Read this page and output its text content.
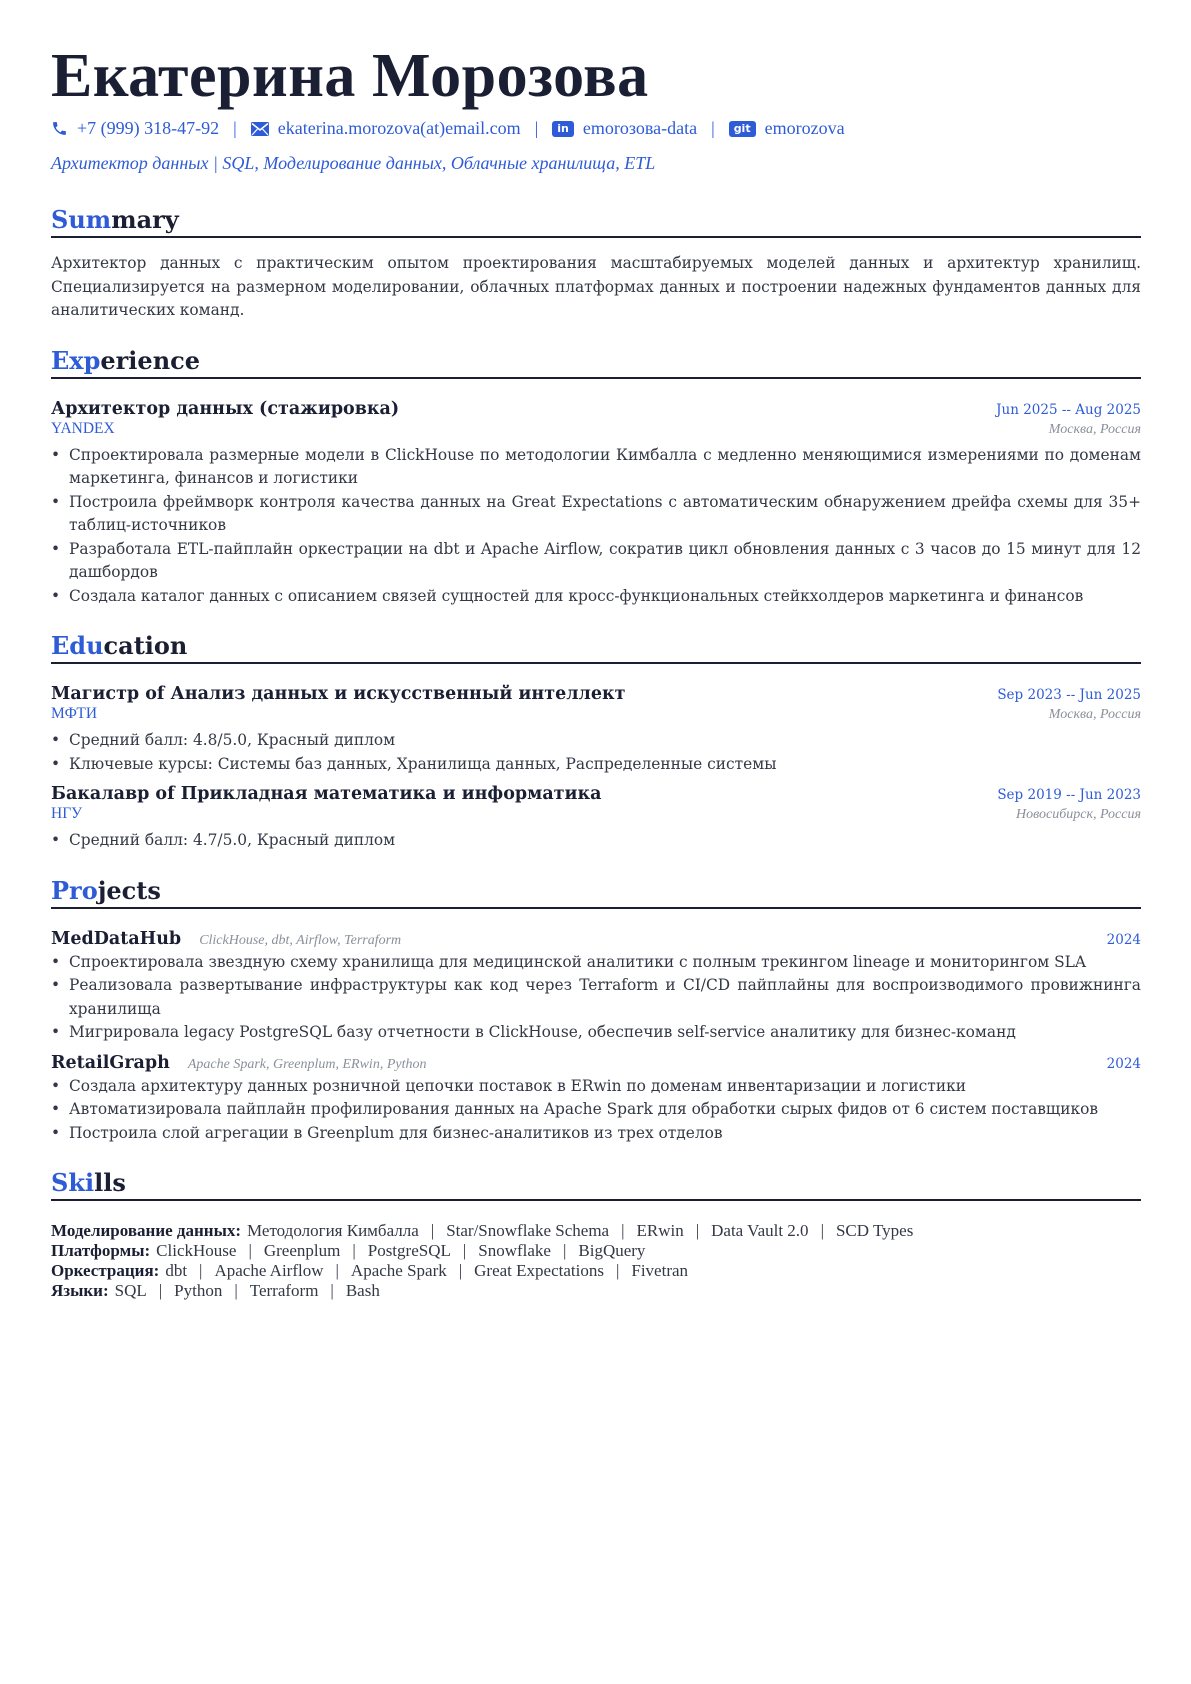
Екатерина Морозова
+7 (999) 318-47-92 | ekaterina.morozova(at)email.com |	in emorозова-data |	git emorozova
Архитектор данных | SQL, Моделирование данных, Облачные хранилища, ETL
Summary

Архитектор данных с практическим опытом проектирования масштабируемых моделей данных и архитектур хранилищ. Специализируется на размерном моделировании, облачных платформах данных и построении надежных фундаментов данных для аналитических команд.

Experience
Архитектор данных (стажировка)	Jun 2025 -- Aug 2025
YANDEX	Москва, Россия
• Спроектировала размерные модели в ClickHouse по методологии Кимбалла с медленно меняющимися измерениями по доменам маркетинга, финансов и логистики
• Построила фреймворк контроля качества данных на Great Expectations с автоматическим обнаружением дрейфа схемы для 35+ таблиц-источников
• Разработала ETL-пайплайн оркестрации на dbt и Apache Airflow, сократив цикл обновления данных с 3 часов до 15 минут для 12 дашбордов
• Создала каталог данных с описанием связей сущностей для кросс-функциональных стейкхолдеров маркетинга и финансов
Education
Магистр of Анализ данных и искусственный интеллект	Sep 2023 -- Jun 2025
МФТИ	Москва, Россия
• Средний балл: 4.8/5.0, Красный диплом
• Ключевые курсы: Системы баз данных, Хранилища данных, Распределенные системы
Бакалавр of Прикладная математика и информатика	Sep 2019 -- Jun 2023
НГУ	Новосибирск, Россия
• Средний балл: 4.7/5.0, Красный диплом
Projects
MedDataHub ClickHouse, dbt, Airflow, Terraform	2024
• Спроектировала звездную схему хранилища для медицинской аналитики с полным трекингом lineage и мониторингом SLA
• Реализовала развертывание инфраструктуры как код через Terraform и CI/CD пайплайны для воспроизводимого провижнинга хранилища
• Мигрировала legacy PostgreSQL базу отчетности в ClickHouse, обеспечив self-service аналитику для бизнес-команд
RetailGraph Apache Spark, Greenplum, ERwin, Python	2024
• Создала архитектуру данных розничной цепочки поставок в ERwin по доменам инвентаризации и логистики
• Автоматизировала пайплайн профилирования данных на Apache Spark для обработки сырых фидов от 6 систем поставщиков
• Построила слой агрегации в Greenplum для бизнес-аналитиков из трех отделов
Skills
Моделирование данных: Методология Кимбалла | Star/Snowflake Schema | ERwin | Data Vault 2.0 | SCD Types
Платформы: ClickHouse | Greenplum | PostgreSQL | Snowflake | BigQuery
Оркестрация: dbt | Apache Airflow | Apache Spark | Great Expectations | Fivetran
Языки: SQL | Python | Terraform | Bash
